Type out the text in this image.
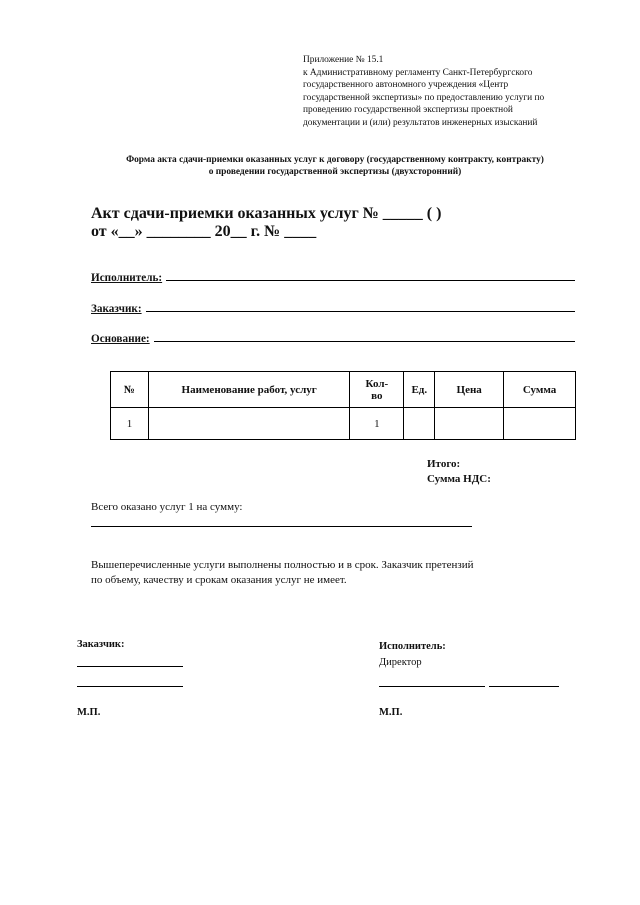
Приложение № 15.1
к Административному регламенту Санкт-Петербургского
государственного автономного учреждения «Центр
государственной экспертизы» по предоставлению услуги по
проведению государственной экспертизы проектной
документации и (или) результатов инженерных изысканий
Форма акта сдачи-приемки оказанных услуг к договору (государственному контракту, контракту)
о проведении государственной экспертизы (двухсторонний)
Акт сдачи-приемки оказанных услуг № _____ ( )
от «__» ________ 20__ г. № ____
Исполнитель:
Заказчик:
Основание:
№	Наименование работ, услуг	Кол-во	Ед.	Цена	Сумма
1		1			
Итого:
Сумма НДС:
Всего оказано услуг 1 на сумму:
Вышеперечисленные услуги выполнены полностью и в срок. Заказчик претензий
по объему, качеству и срокам оказания услуг не имеет.
Заказчик:
М.П.
Исполнитель:
Директор
М.П.
